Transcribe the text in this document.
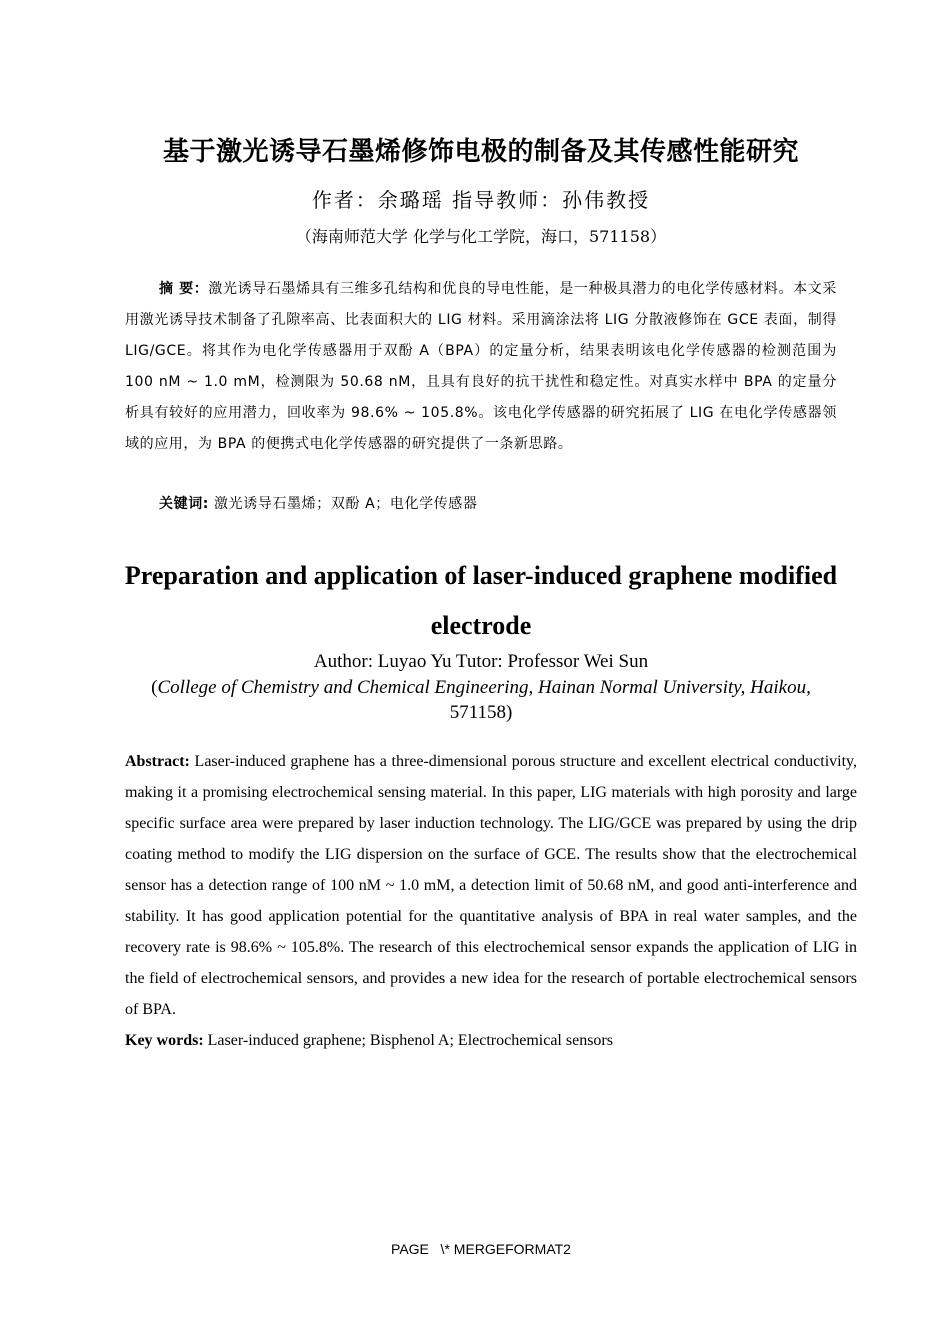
基于激光诱导石墨烯修饰电极的制备及其传感性能研究
作者：余璐瑶 指导教师：孙伟教授
（海南师范大学 化学与化工学院，海口，571158）

摘 要：激光诱导石墨烯具有三维多孔结构和优良的导电性能，是一种极具潜力的电化学传感材料。本文采用激光诱导技术制备了孔隙率高、比表面积大的 LIG 材料。采用滴涂法将 LIG 分散液修饰在 GCE 表面，制得 LIG/GCE。将其作为电化学传感器用于双酚 A（BPA）的定量分析，结果表明该电化学传感器的检测范围为 100 nM ~ 1.0 mM，检测限为 50.68 nM，且具有良好的抗干扰性和稳定性。对真实水样中 BPA 的定量分析具有较好的应用潜力，回收率为 98.6% ~ 105.8%。该电化学传感器的研究拓展了 LIG 在电化学传感器领域的应用，为 BPA 的便携式电化学传感器的研究提供了一条新思路。

关键词: 激光诱导石墨烯；双酚 A；电化学传感器
Preparation and application of laser-induced graphene modified electrode
Author: Luyao Yu Tutor: Professor Wei Sun
(College of Chemistry and Chemical Engineering, Hainan Normal University, Haikou, 571158)

Abstract: Laser-induced graphene has a three-dimensional porous structure and excellent electrical conductivity, making it a promising electrochemical sensing material. In this paper, LIG materials with high porosity and large specific surface area were prepared by laser induction technology. The LIG/GCE was prepared by using the drip coating method to modify the LIG dispersion on the surface of GCE. The results show that the electrochemical sensor has a detection range of 100 nM ~ 1.0 mM, a detection limit of 50.68 nM, and good anti-interference and stability. It has good application potential for the quantitative analysis of BPA in real water samples, and the recovery rate is 98.6% ~ 105.8%. The research of this electrochemical sensor expands the application of LIG in the field of electrochemical sensors, and provides a new idea for the research of portable electrochemical sensors of BPA.

Key words: Laser-induced graphene; Bisphenol A; Electrochemical sensors
PAGE   \* MERGEFORMAT2
